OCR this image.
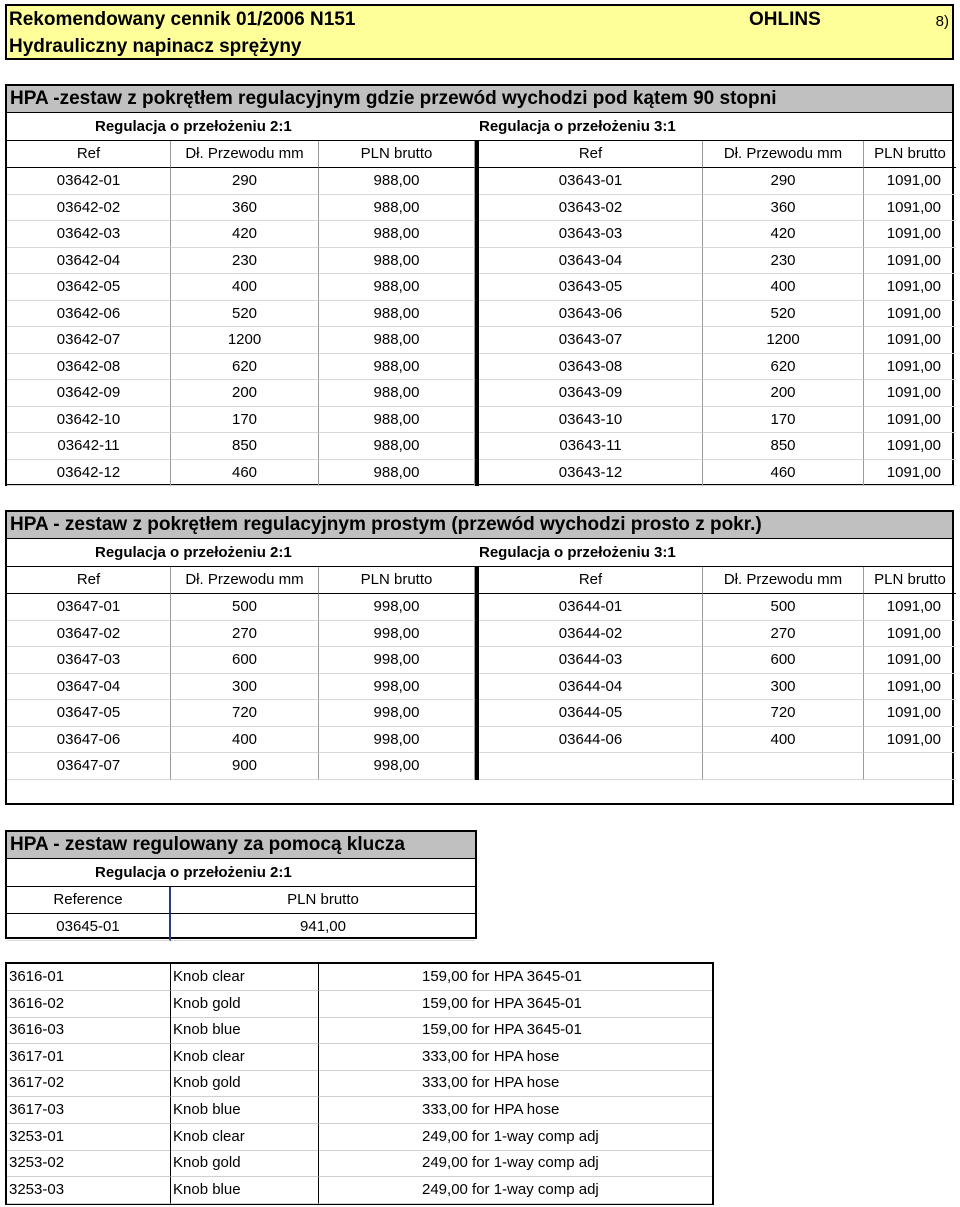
Rekomendowany cennik 01/2006 N151	OHLINS	8)
Hydrauliczny napinacz sprężyny
HPA -zestaw z pokrętłem regulacyjnym gdzie przewód wychodzi pod kątem 90 stopni
Regulacja o przełożeniu 2:1	Regulacja o przełożeniu 3:1
Ref	Dł. Przewodu mm	PLN brutto	Ref	Dł. Przewodu mm	PLN brutto
03642-01	290	988,00	03643-01	290	1091,00
03642-02	360	988,00	03643-02	360	1091,00
03642-03	420	988,00	03643-03	420	1091,00
03642-04	230	988,00	03643-04	230	1091,00
03642-05	400	988,00	03643-05	400	1091,00
03642-06	520	988,00	03643-06	520	1091,00
03642-07	1200	988,00	03643-07	1200	1091,00
03642-08	620	988,00	03643-08	620	1091,00
03642-09	200	988,00	03643-09	200	1091,00
03642-10	170	988,00	03643-10	170	1091,00
03642-11	850	988,00	03643-11	850	1091,00
03642-12	460	988,00	03643-12	460	1091,00
HPA - zestaw z pokrętłem regulacyjnym prostym (przewód wychodzi prosto z pokr.)
Regulacja o przełożeniu 2:1	Regulacja o przełożeniu 3:1
Ref	Dł. Przewodu mm	PLN brutto	Ref	Dł. Przewodu mm	PLN brutto
03647-01	500	998,00	03644-01	500	1091,00
03647-02	270	998,00	03644-02	270	1091,00
03647-03	600	998,00	03644-03	600	1091,00
03647-04	300	998,00	03644-04	300	1091,00
03647-05	720	998,00	03644-05	720	1091,00
03647-06	400	998,00	03644-06	400	1091,00
03647-07	900	998,00
HPA - zestaw regulowany za pomocą klucza
Regulacja o przełożeniu 2:1
Reference	PLN brutto
03645-01	941,00
3616-01	Knob clear	159,00 for HPA 3645-01
3616-02	Knob gold	159,00 for HPA 3645-01
3616-03	Knob blue	159,00 for HPA 3645-01
3617-01	Knob clear	333,00 for HPA hose
3617-02	Knob gold	333,00 for HPA hose
3617-03	Knob blue	333,00 for HPA hose
3253-01	Knob clear	249,00 for 1-way comp adj
3253-02	Knob gold	249,00 for 1-way comp adj
3253-03	Knob blue	249,00 for 1-way comp adj
